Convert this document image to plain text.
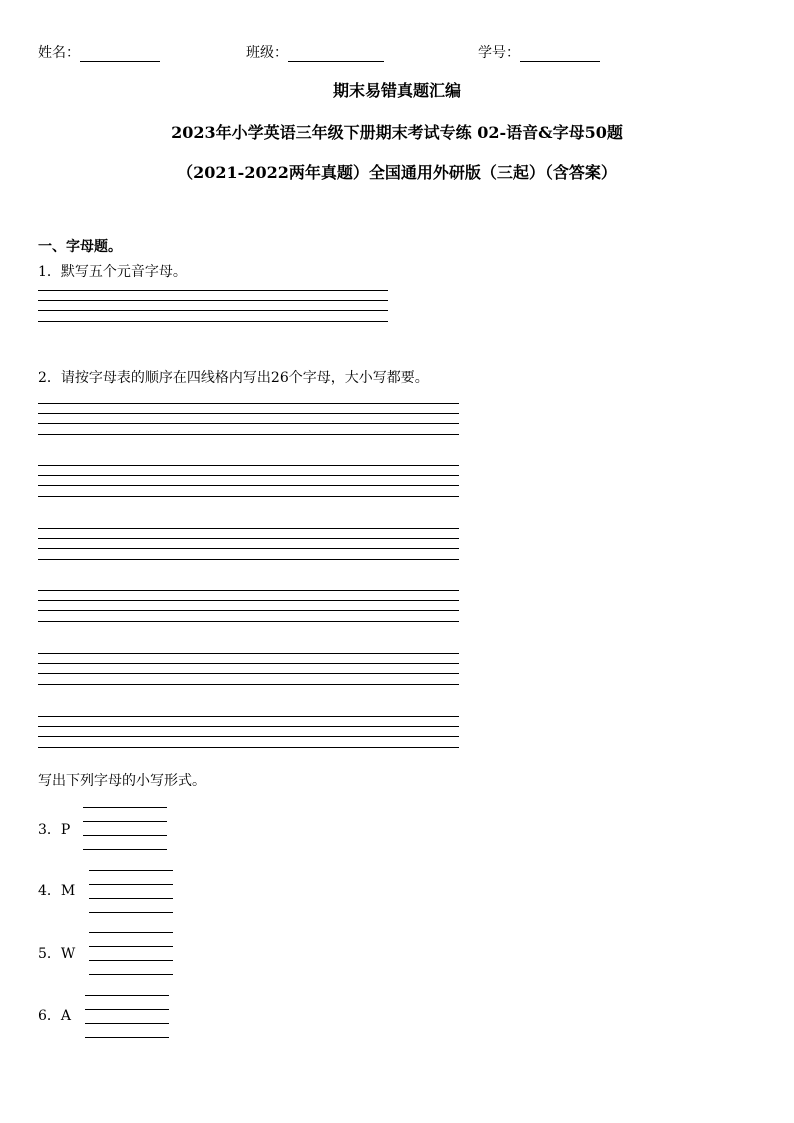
姓名：	班级：	学号：
期末易错真题汇编
2023年小学英语三年级下册期末考试专练 02-语音&字母50题
（2021-2022两年真题）全国通用外研版（三起）（含答案）
一、字母题。
1．默写五个元音字母。
2．请按字母表的顺序在四线格内写出26个字母，大小写都要。
写出下列字母的小写形式。
3．P
4．M
5．W
6．A
